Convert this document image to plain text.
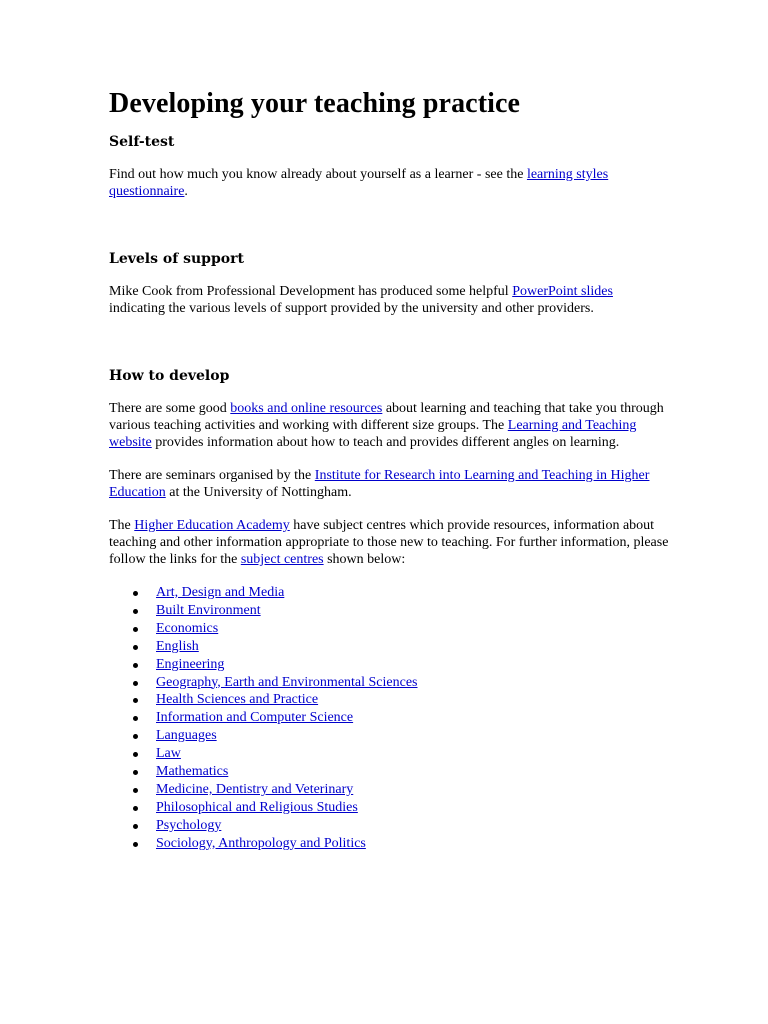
Developing your teaching practice
Self-test

Find out how much you know already about yourself as a learner - see the learning styles questionnaire.

Levels of support

Mike Cook from Professional Development has produced some helpful PowerPoint slides indicating the various levels of support provided by the university and other providers.

How to develop

There are some good books and online resources about learning and teaching that take you through various teaching activities and working with different size groups. The Learning and Teaching website provides information about how to teach and provides different angles on learning.

There are seminars organised by the Institute for Research into Learning and Teaching in Higher Education at the University of Nottingham.

The Higher Education Academy have subject centres which provide resources, information about teaching and other information appropriate to those new to teaching. For further information, please follow the links for the subject centres shown below:

Art, Design and Media
Built Environment
Economics
English
Engineering
Geography, Earth and Environmental Sciences
Health Sciences and Practice
Information and Computer Science
Languages
Law
Mathematics
Medicine, Dentistry and Veterinary
Philosophical and Religious Studies
Psychology
Sociology, Anthropology and Politics
